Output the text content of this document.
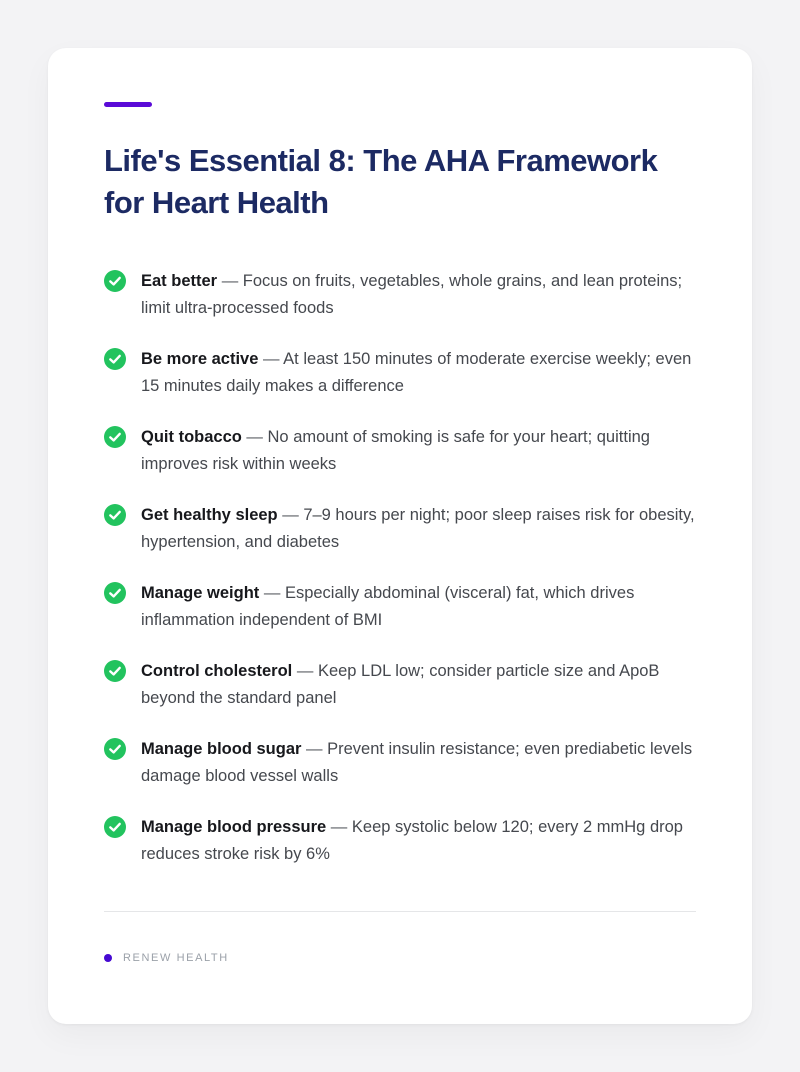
Life's Essential 8: The AHA Framework for Heart Health
Eat better — Focus on fruits, vegetables, whole grains, and lean proteins; limit ultra-processed foods
Be more active — At least 150 minutes of moderate exercise weekly; even 15 minutes daily makes a difference
Quit tobacco — No amount of smoking is safe for your heart; quitting improves risk within weeks
Get healthy sleep — 7–9 hours per night; poor sleep raises risk for obesity, hypertension, and diabetes
Manage weight — Especially abdominal (visceral) fat, which drives inflammation independent of BMI
Control cholesterol — Keep LDL low; consider particle size and ApoB beyond the standard panel
Manage blood sugar — Prevent insulin resistance; even prediabetic levels damage blood vessel walls
Manage blood pressure — Keep systolic below 120; every 2 mmHg drop reduces stroke risk by 6%
RENEW HEALTH
